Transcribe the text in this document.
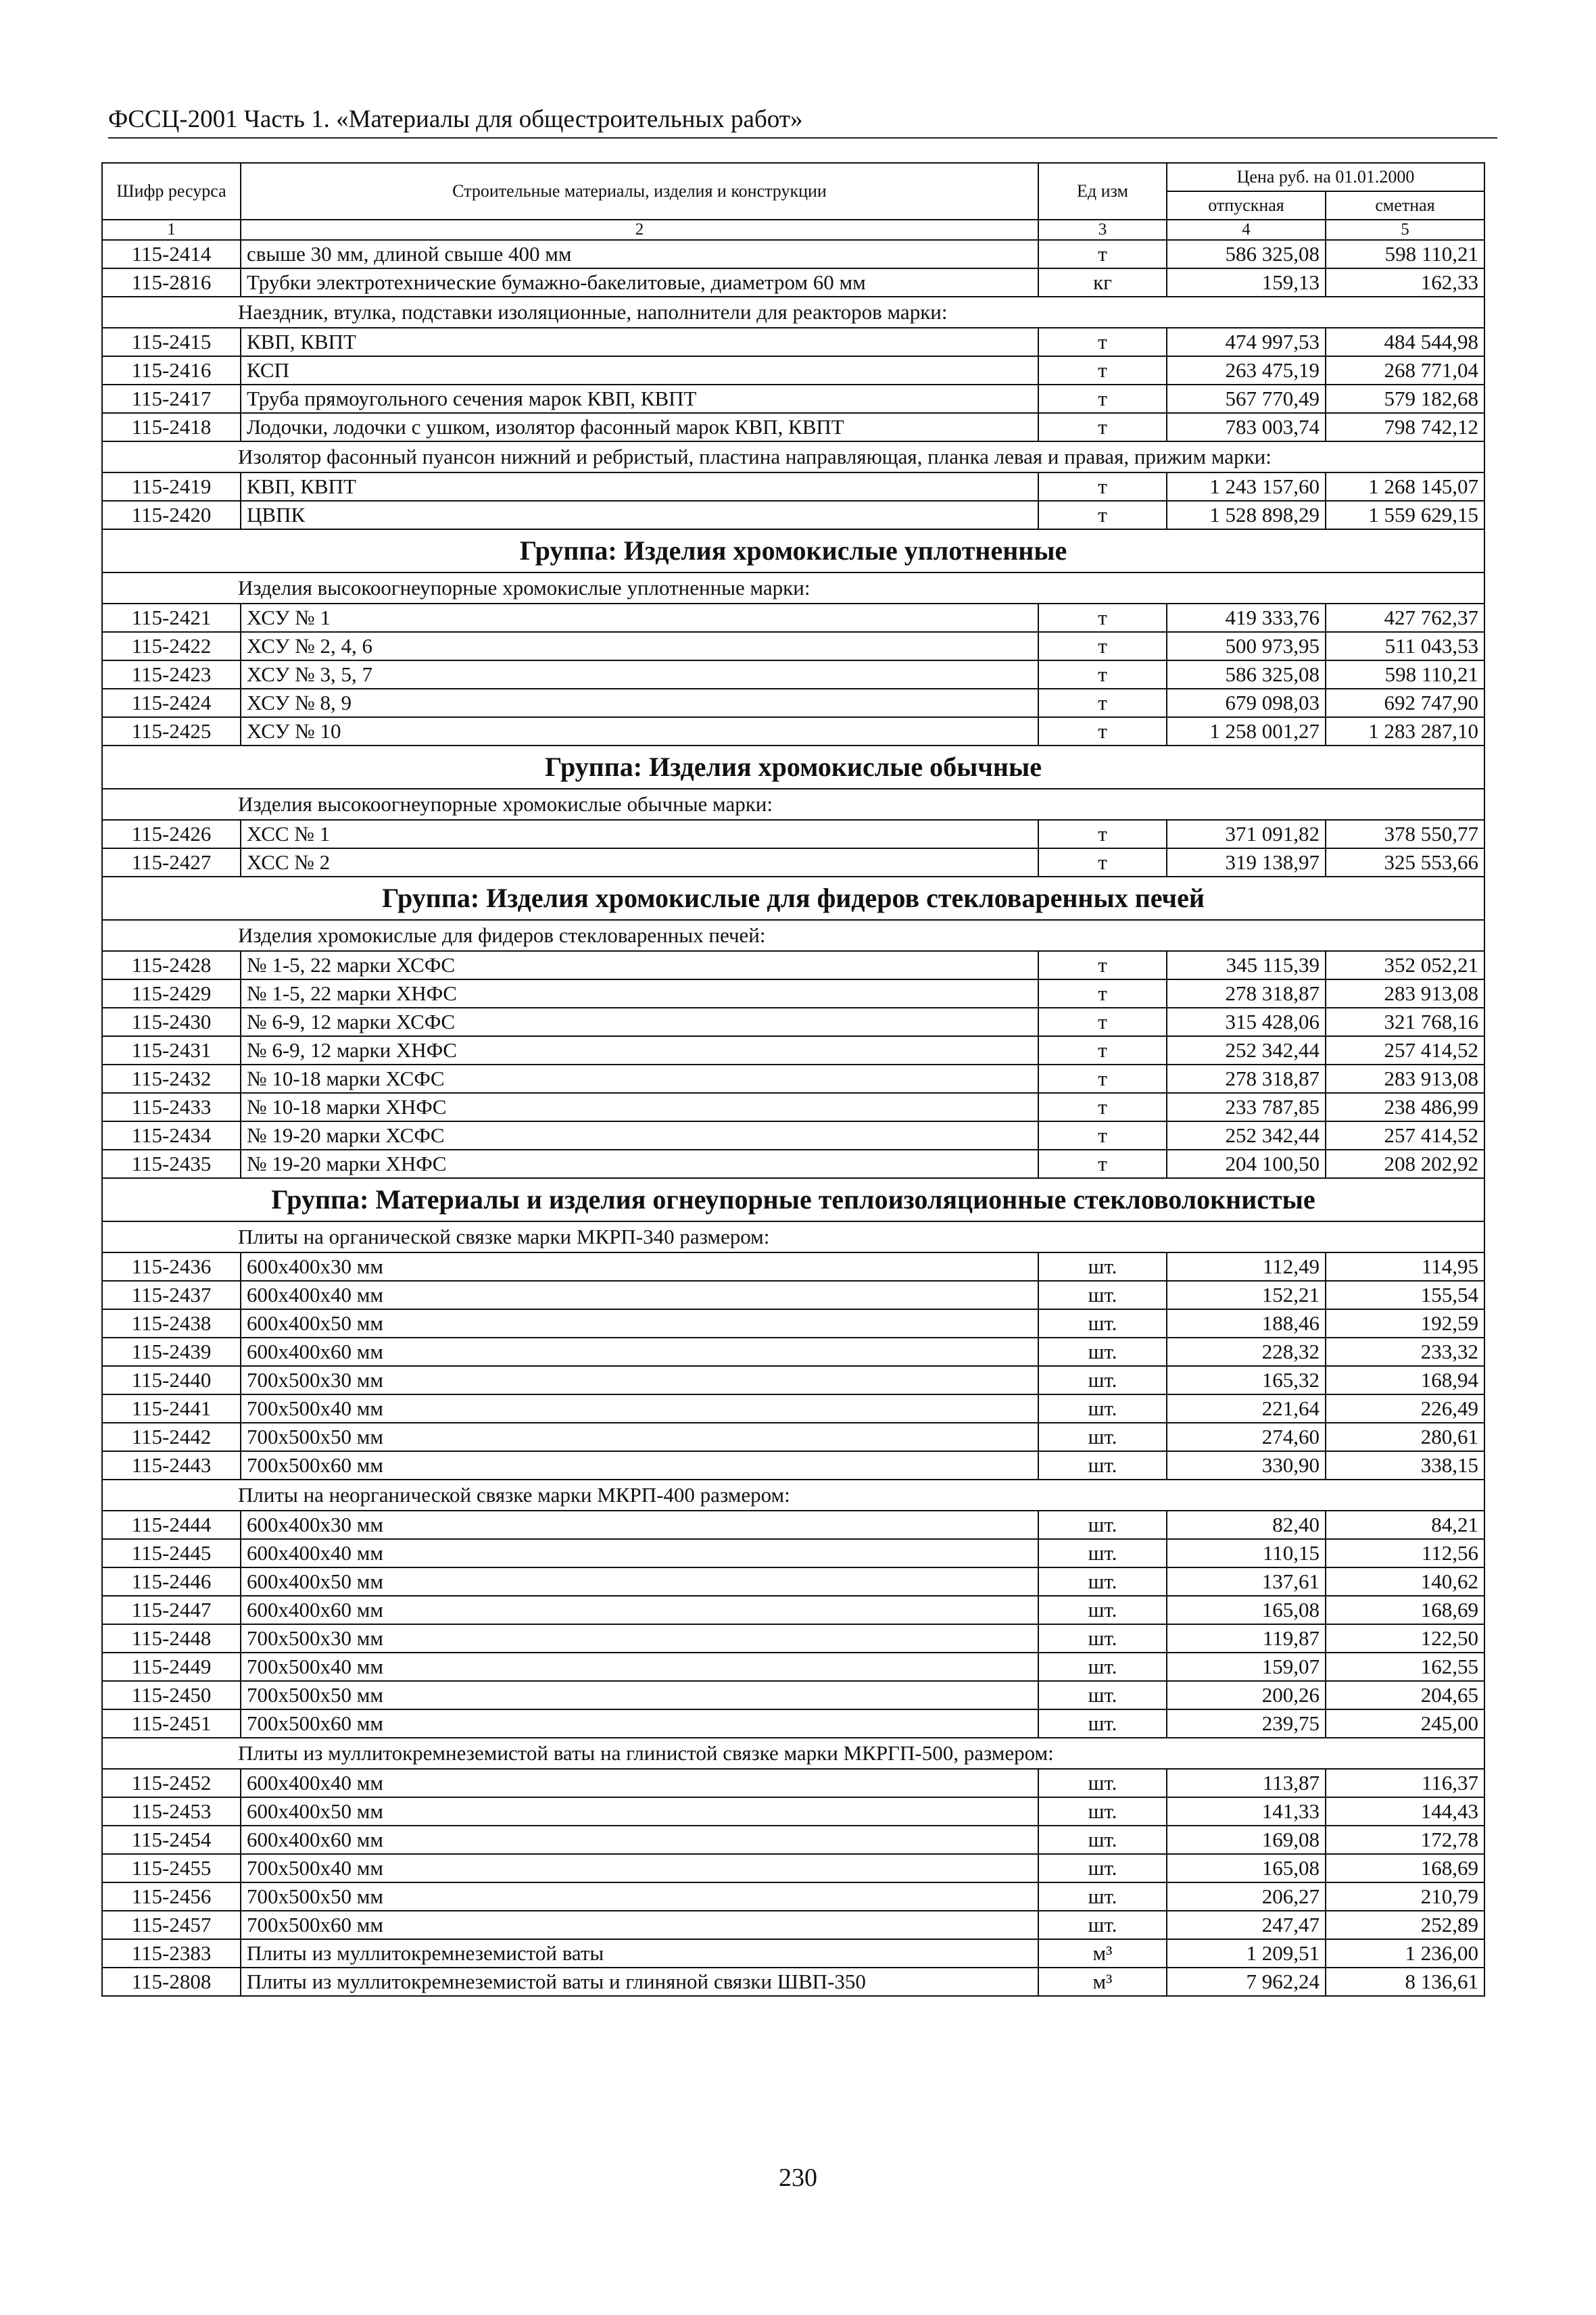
ФССЦ-2001 Часть 1. «Материалы для общестроительных работ»
Шифр ресурса	Строительные материалы, изделия и конструкции	Ед изм	Цена руб. на 01.01.2000	
			отпускная	сметная
1	2	3	4	5
115-2414	свыше 30 мм, длиной свыше 400 мм	т	586 325,08	598 110,21
115-2816	Трубки электротехнические бумажно-бакелитовые, диаметром 60 мм	кг	159,13	162,33
Наездник, втулка, подставки изоляционные, наполнители для реакторов марки:				
115-2415	КВП, КВПТ	т	474 997,53	484 544,98
115-2416	КСП	т	263 475,19	268 771,04
115-2417	Труба прямоугольного сечения марок КВП, КВПТ	т	567 770,49	579 182,68
115-2418	Лодочки, лодочки с ушком, изолятор фасонный марок КВП, КВПТ	т	783 003,74	798 742,12
Изолятор фасонный пуансон нижний и ребристый, пластина направляющая, планка левая и правая, прижим марки:				
115-2419	КВП, КВПТ	т	1 243 157,60	1 268 145,07
115-2420	ЦВПК	т	1 528 898,29	1 559 629,15
Группа: Изделия хромокислые уплотненные				
Изделия высокоогнеупорные хромокислые уплотненные марки:				
115-2421	ХСУ № 1	т	419 333,76	427 762,37
115-2422	ХСУ № 2, 4, 6	т	500 973,95	511 043,53
115-2423	ХСУ № 3, 5, 7	т	586 325,08	598 110,21
115-2424	ХСУ № 8, 9	т	679 098,03	692 747,90
115-2425	ХСУ № 10	т	1 258 001,27	1 283 287,10
Группа: Изделия хромокислые обычные				
Изделия высокоогнеупорные хромокислые обычные марки:				
115-2426	ХСС № 1	т	371 091,82	378 550,77
115-2427	ХСС № 2	т	319 138,97	325 553,66
Группа: Изделия хромокислые для фидеров стекловаренных печей				
Изделия хромокислые для фидеров стекловаренных печей:				
115-2428	№ 1-5, 22 марки ХСФС	т	345 115,39	352 052,21
115-2429	№ 1-5, 22 марки ХНФС	т	278 318,87	283 913,08
115-2430	№ 6-9, 12 марки ХСФС	т	315 428,06	321 768,16
115-2431	№ 6-9, 12 марки ХНФС	т	252 342,44	257 414,52
115-2432	№ 10-18 марки ХСФС	т	278 318,87	283 913,08
115-2433	№ 10-18 марки ХНФС	т	233 787,85	238 486,99
115-2434	№ 19-20 марки ХСФС	т	252 342,44	257 414,52
115-2435	№ 19-20 марки ХНФС	т	204 100,50	208 202,92
Группа: Материалы и изделия огнеупорные теплоизоляционные стекловолокнистые				
Плиты на органической связке марки МКРП-340 размером:				
115-2436	600х400х30 мм	шт.	112,49	114,95
115-2437	600х400х40 мм	шт.	152,21	155,54
115-2438	600х400х50 мм	шт.	188,46	192,59
115-2439	600х400х60 мм	шт.	228,32	233,32
115-2440	700х500х30 мм	шт.	165,32	168,94
115-2441	700х500х40 мм	шт.	221,64	226,49
115-2442	700х500х50 мм	шт.	274,60	280,61
115-2443	700х500х60 мм	шт.	330,90	338,15
Плиты на неорганической связке марки МКРП-400 размером:				
115-2444	600х400х30 мм	шт.	82,40	84,21
115-2445	600х400х40 мм	шт.	110,15	112,56
115-2446	600х400х50 мм	шт.	137,61	140,62
115-2447	600х400х60 мм	шт.	165,08	168,69
115-2448	700х500х30 мм	шт.	119,87	122,50
115-2449	700х500х40 мм	шт.	159,07	162,55
115-2450	700х500х50 мм	шт.	200,26	204,65
115-2451	700х500х60 мм	шт.	239,75	245,00
Плиты из муллитокремнеземистой ваты на глинистой связке марки МКРГП-500, размером:				
115-2452	600х400х40 мм	шт.	113,87	116,37
115-2453	600х400х50 мм	шт.	141,33	144,43
115-2454	600х400х60 мм	шт.	169,08	172,78
115-2455	700х500х40 мм	шт.	165,08	168,69
115-2456	700х500х50 мм	шт.	206,27	210,79
115-2457	700х500х60 мм	шт.	247,47	252,89
115-2383	Плиты из муллитокремнеземистой ваты	м³	1 209,51	1 236,00
115-2808	Плиты из муллитокремнеземистой ваты и глиняной связки ШВП-350	м³	7 962,24	8 136,61
230
